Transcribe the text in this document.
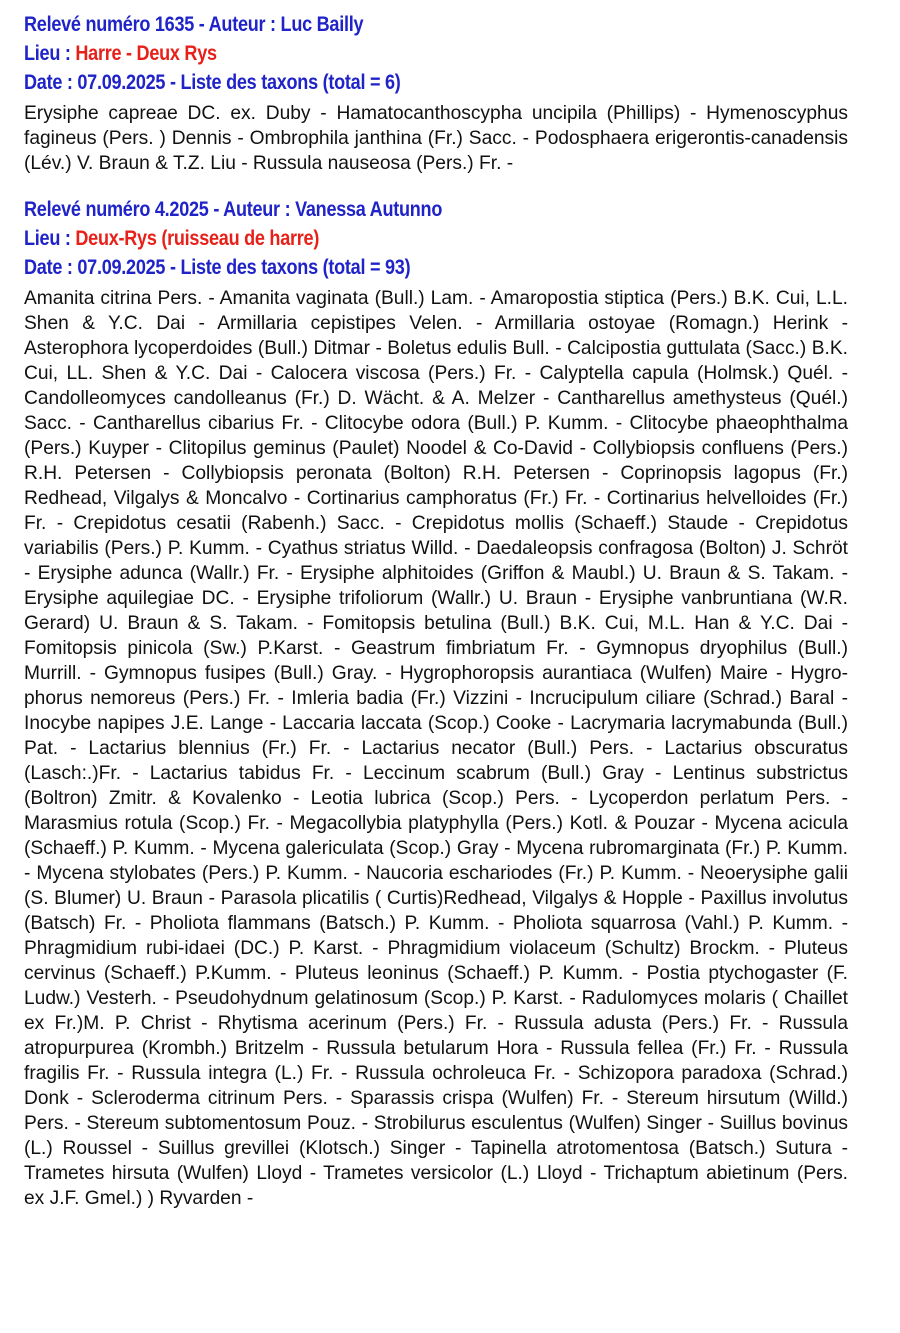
Relevé numéro 1635 - Auteur : Luc Bailly
Lieu : Harre - Deux Rys
Date : 07.09.2025 - Liste des taxons (total = 6)

Erysiphe capreae DC. ex. Duby - Hamatocanthoscypha uncipila (Phillips) - Hymenoscyphus fagineus (Pers. ) Dennis - Ombrophila janthina (Fr.) Sacc. - Podosphaera erigerontis-canadensis (Lév.) V. Braun & T.Z. Liu - Russula nauseosa (Pers.) Fr. -

Relevé numéro 4.2025 - Auteur : Vanessa Autunno
Lieu : Deux-Rys (ruisseau de harre)
Date : 07.09.2025 - Liste des taxons (total = 93)

Amanita citrina Pers. - Amanita vaginata (Bull.) Lam. - Amaropostia stiptica (Pers.) B.K. Cui, L.L. Shen & Y.C. Dai - Armillaria cepistipes Velen. - Armillaria ostoyae (Romagn.) Herink - Asterophora lycoperdoides (Bull.) Ditmar - Boletus edulis Bull. - Calcipostia guttulata (Sacc.) B.K. Cui, LL. Shen & Y.C. Dai - Calocera viscosa (Pers.) Fr. - Calyptella capula (Holmsk.) Quél. - Candolleomyces candolleanus (Fr.) D. Wächt. & A. Melzer - Cantharellus amethysteus (Quél.) Sacc. - Cantharellus cibarius Fr. - Clitocybe odora (Bull.) P. Kumm. - Clitocybe phaeophthalma (Pers.) Kuyper - Clitopilus geminus (Paulet) Noodel & Co-David - Collybiopsis confluens (Pers.) R.H. Petersen - Collybiopsis peronata (Bolton) R.H. Petersen - Coprinopsis lagopus (Fr.) Redhead, Vilgalys & Moncalvo - Cortinarius camphoratus (Fr.) Fr. - Cortinarius helvelloides (Fr.) Fr. - Crepidotus cesatii (Rabenh.) Sacc. - Crepidotus mollis (Schaeff.) Staude - Crepidotus variabilis (Pers.) P. Kumm. - Cyathus striatus Willd. - Daedaleopsis confragosa (Bolton) J. Schröt - Erysiphe adunca (Wallr.) Fr. - Erysiphe alphitoides (Griffon & Maubl.) U. Braun & S. Takam. - Erysiphe aquilegiae DC. - Erysiphe trifoliorum (Wallr.) U. Braun - Erysiphe vanbruntiana (W.R. Gerard) U. Braun & S. Takam. - Fomitopsis betulina (Bull.) B.K. Cui, M.L. Han & Y.C. Dai - Fomitopsis pinicola (Sw.) P.Karst. - Geastrum fimbriatum Fr. - Gymnopus dryophilus (Bull.) Murrill. - Gymnopus fusipes (Bull.) Gray. - Hygrophoropsis aurantiaca (Wulfen) Maire - Hygrophorus nemoreus (Pers.) Fr. - Imleria badia (Fr.) Vizzini - Incrucipulum ciliare (Schrad.) Baral - Inocybe napipes J.E. Lange - Laccaria laccata (Scop.) Cooke - Lacrymaria lacrymabunda (Bull.) Pat. - Lactarius blennius (Fr.) Fr. - Lactarius necator (Bull.) Pers. - Lactarius obscuratus (Lasch:.)Fr. - Lactarius tabidus Fr. - Leccinum scabrum (Bull.) Gray - Lentinus substrictus (Boltron) Zmitr. & Kovalenko - Leotia lubrica (Scop.) Pers. - Lycoperdon perlatum Pers. - Marasmius rotula (Scop.) Fr. - Megacollybia platyphylla (Pers.) Kotl. & Pouzar - Mycena acicula (Schaeff.) P. Kumm. - Mycena galericulata (Scop.) Gray - Mycena rubromarginata (Fr.) P. Kumm. - Mycena stylobates (Pers.) P. Kumm. - Naucoria eschariodes (Fr.) P. Kumm. - Neoerysiphe galii (S. Blumer) U. Braun - Parasola plicatilis ( Curtis)Redhead, Vilgalys & Hopple - Paxillus involutus (Batsch) Fr. - Pholiota flammans (Batsch.) P. Kumm. - Pholiota squarrosa (Vahl.) P. Kumm. - Phragmidium rubi-idaei (DC.) P. Karst. - Phragmidium violaceum (Schultz) Brockm. - Pluteus cervinus (Schaeff.) P.Kumm. - Pluteus leoninus (Schaeff.) P. Kumm. - Postia ptychogaster (F. Ludw.) Vesterh. - Pseudohydnum gelatinosum (Scop.) P. Karst. - Radulomyces molaris ( Chaillet ex Fr.)M. P. Christ - Rhytisma acerinum (Pers.) Fr. - Russula adusta (Pers.) Fr. - Russula atropurpurea (Krombh.) Britzelm - Russula betularum Hora - Russula fellea (Fr.) Fr. - Russula fragilis Fr. - Russula integra (L.) Fr. - Russula ochroleuca Fr. - Schizopora paradoxa (Schrad.) Donk - Scleroderma citrinum Pers. - Sparassis crispa (Wulfen) Fr. - Stereum hirsutum (Willd.) Pers. - Stereum subtomentosum Pouz. - Strobilurus esculentus (Wulfen) Singer - Suillus bovinus (L.) Roussel - Suillus grevillei (Klotsch.) Singer - Tapinella atrotomentosa (Batsch.) Sutura - Trametes hirsuta (Wulfen) Lloyd - Trametes versicolor (L.) Lloyd - Trichaptum abietinum (Pers. ex J.F. Gmel.) ) Ryvarden -
